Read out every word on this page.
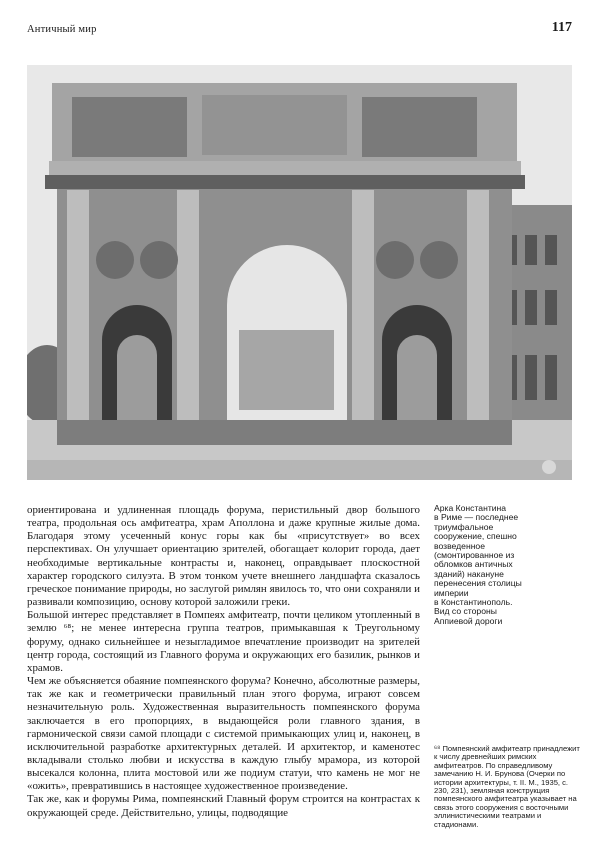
Античный мир	117

ориентирована и удлиненная площадь форума, перистильный двор большого театра, продольная ось амфитеатра, храм Аполлона и даже крупные жилые дома. Благодаря этому усеченный конус горы как бы «присутствует» во всех перспективах. Он улучшает ориентацию зрителей, обогащает колорит города, дает необходимые вертикальные контрасты и, наконец, оправдывает плоскостной характер городского силуэта. В этом тонком учете внешнего ландшафта сказалось греческое понимание природы, но заслугой римлян явилось то, что они сохраняли и развивали композицию, основу которой заложили греки.

Большой интерес представляет в Помпеях амфитеатр, почти целиком утопленный в землю ⁶⁸; не менее интересна группа театров, примыкавшая к Треугольному форуму, однако сильнейшее и незыгладимое впечатление производит на зрителей центр города, состоящий из Главного форума и окружающих его базилик, рынков и храмов.

Чем же объясняется обаяние помпеянского форума? Конечно, абсолютные размеры, так же как и геометрически правильный план этого форума, играют совсем незначительную роль. Художественная выразительность помпеянского форума заключается в его пропорциях, в выдающейся роли главного здания, в гармонической связи самой площади с системой примыкающих улиц и, наконец, в исключительной разработке архитектурных деталей. И архитектор, и каменотес вкладывали столько любви и искусства в каждую глыбу мрамора, из которой высекался колонна, плита мостовой или же подиум статуи, что камень не мог не «ожить», превратившись в настоящее художественное произведение.

Так же, как и форумы Рима, помпеянский Главный форум строится на контрастах к окружающей среде. Действительно, улицы, подводящие

Арка Константина
в Риме — последнее
триумфальное
сооружение, спешно
возведенное
(смонтированное из
обломков античных
зданий) накануне
перенесения столицы
империи
в Константинополь.
Вид со стороны
Аппиевой дороги
⁶⁸ Помпеянский амфитеатр принадлежит к числу древнейших римских амфитеатров. По справедливому замечанию Н. И. Брунова (Очерки по истории архитектуры, т. II. М., 1935, с. 230, 231), земляная конструкция помпеянского амфитеатра указывает на связь этого сооружения с восточными эллинистическими театрами и стадионами.
